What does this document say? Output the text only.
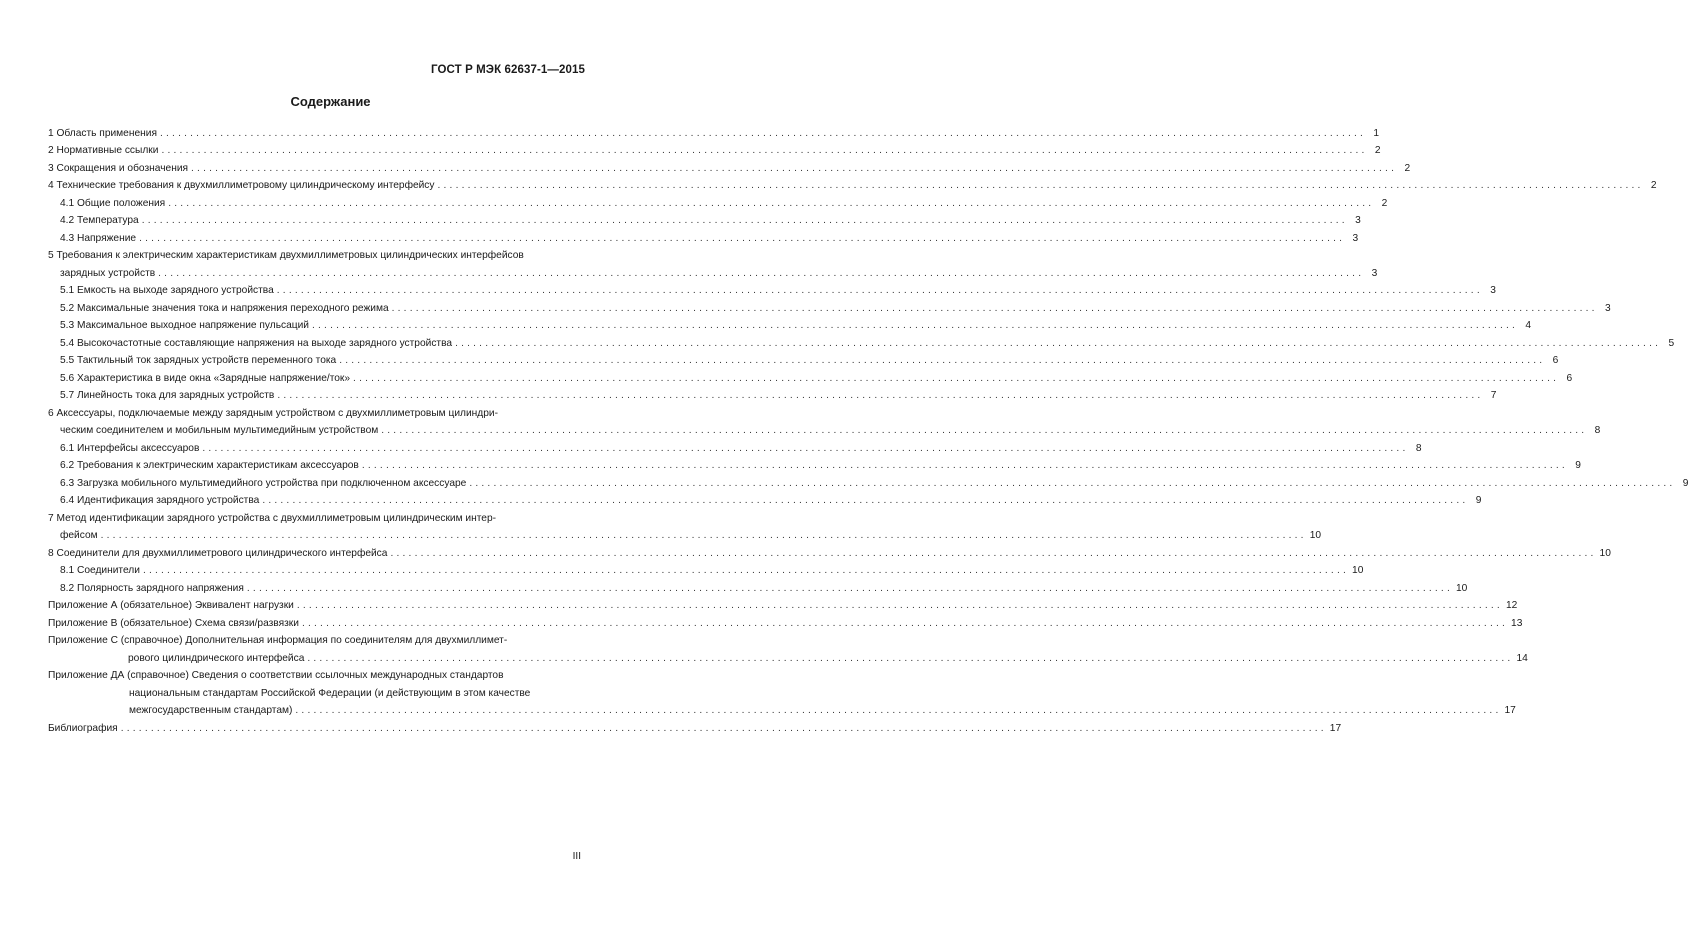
ГОСТ Р МЭК 62637-1—2015
Содержание
1 Область применения ........................................................................................................................................................................................................ 1
2 Нормативные ссылки ........................................................................................................................................................................................................ 2
3 Сокращения и обозначения ........................................................................................................................................................................................................ 2
4 Технические требования к двухмиллиметровому цилиндрическому интерфейсу ........................................................................................................................................................................................................ 2
4.1 Общие положения ........................................................................................................................................................................................................ 2
4.2 Температура ........................................................................................................................................................................................................ 3
4.3 Напряжение ........................................................................................................................................................................................................ 3
5 Требования к электрическим характеристикам двухмиллиметровых цилиндрических интерфейсов
зарядных устройств ........................................................................................................................................................................................................ 3
5.1 Емкость на выходе зарядного устройства ........................................................................................................................................................................................................ 3
5.2 Максимальные значения тока и напряжения переходного режима ........................................................................................................................................................................................................ 3
5.3 Максимальное выходное напряжение пульсаций ........................................................................................................................................................................................................ 4
5.4 Высокочастотные составляющие напряжения на выходе зарядного устройства ........................................................................................................................................................................................................ 5
5.5 Тактильный ток зарядных устройств переменного тока ........................................................................................................................................................................................................ 6
5.6 Характеристика в виде окна «Зарядные напряжение/ток» ........................................................................................................................................................................................................ 6
5.7 Линейность тока для зарядных устройств ........................................................................................................................................................................................................ 7
6 Аксессуары, подключаемые между зарядным устройством с двухмиллиметровым цилиндри-
ческим соединителем и мобильным мультимедийным устройством ........................................................................................................................................................................................................ 8
6.1 Интерфейсы аксессуаров ........................................................................................................................................................................................................ 8
6.2 Требования к электрическим характеристикам аксессуаров ........................................................................................................................................................................................................ 9
6.3 Загрузка мобильного мультимедийного устройства при подключенном аксессуаре ........................................................................................................................................................................................................ 9
6.4 Идентификация зарядного устройства ........................................................................................................................................................................................................ 9
7 Метод идентификации зарядного устройства с двухмиллиметровым цилиндрическим интер-
фейсом ........................................................................................................................................................................................................ 10
8 Соединители для двухмиллиметрового цилиндрического интерфейса ........................................................................................................................................................................................................ 10
8.1 Соединители ........................................................................................................................................................................................................ 10
8.2 Полярность зарядного напряжения ........................................................................................................................................................................................................ 10
Приложение А (обязательное) Эквивалент нагрузки ........................................................................................................................................................................................................ 12
Приложение В (обязательное) Схема связи/развязки ........................................................................................................................................................................................................ 13
Приложение С (справочное) Дополнительная информация по соединителям для двухмиллимет-
рового цилиндрического интерфейса ........................................................................................................................................................................................................ 14
Приложение ДА (справочное) Сведения о соответствии ссылочных международных стандартов
национальным стандартам Российской Федерации (и действующим в этом качестве
межгосударственным стандартам) ........................................................................................................................................................................................................ 17
Библиография ........................................................................................................................................................................................................ 17
III
